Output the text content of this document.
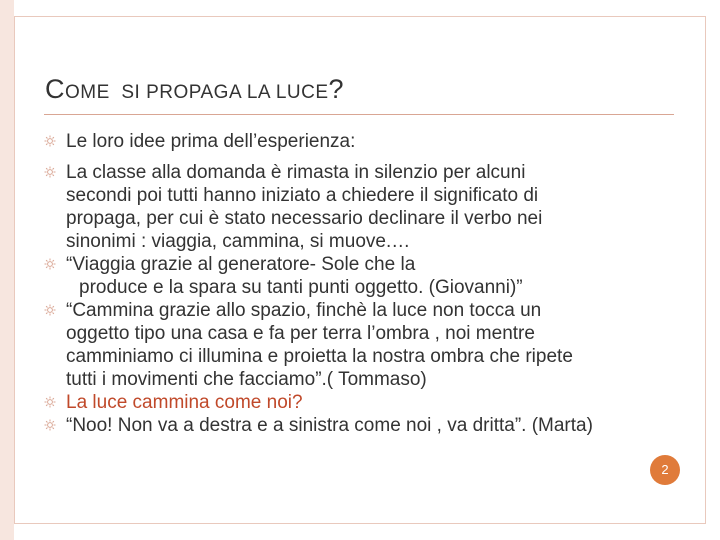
COME SI PROPAGA LA LUCE?
Le loro idee prima dell’esperienza:
La classe alla domanda è rimasta in silenzio per alcuni
secondi poi tutti hanno iniziato a chiedere il significato di
propaga, per cui è stato necessario declinare il verbo nei
sinonimi : viaggia, cammina, si muove.…
“Viaggia grazie al generatore- Sole che la
produce e la spara su tanti punti oggetto. (Giovanni)”
“Cammina grazie allo spazio, finchè la luce non tocca un
oggetto tipo una casa e fa per terra l’ombra , noi mentre
camminiamo ci illumina e proietta la nostra ombra che ripete
tutti i movimenti che facciamo”.( Tommaso)
La luce cammina come noi?
“Noo! Non va a destra e a sinistra come noi , va dritta”. (Marta)
2
